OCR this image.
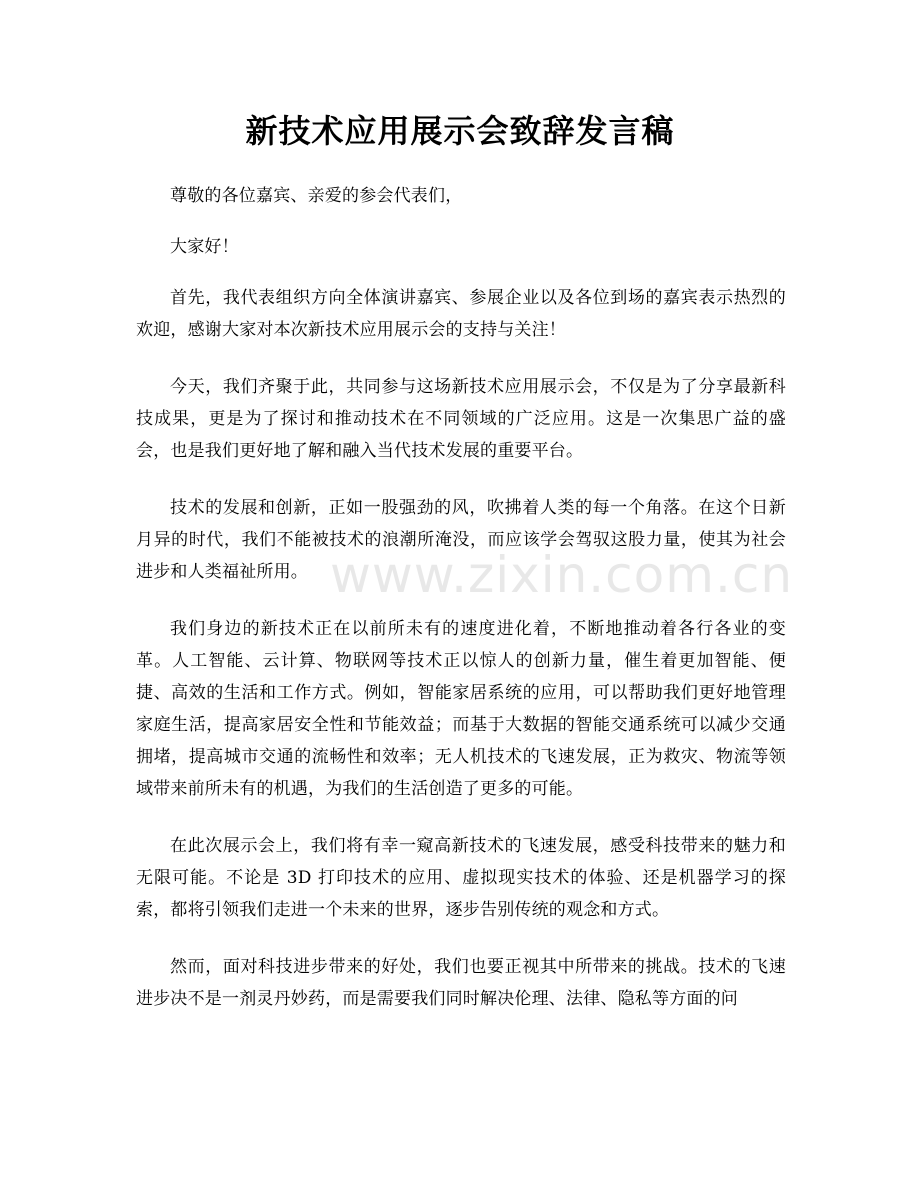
新技术应用展示会致辞发言稿

尊敬的各位嘉宾、亲爱的参会代表们，

大家好！

首先，我代表组织方向全体演讲嘉宾、参展企业以及各位到场的嘉宾表示热烈的欢迎，感谢大家对本次新技术应用展示会的支持与关注！

今天，我们齐聚于此，共同参与这场新技术应用展示会，不仅是为了分享最新科技成果，更是为了探讨和推动技术在不同领域的广泛应用。这是一次集思广益的盛会，也是我们更好地了解和融入当代技术发展的重要平台。

技术的发展和创新，正如一股强劲的风，吹拂着人类的每一个角落。在这个日新月异的时代，我们不能被技术的浪潮所淹没，而应该学会驾驭这股力量，使其为社会进步和人类福祉所用。

我们身边的新技术正在以前所未有的速度进化着，不断地推动着各行各业的变革。人工智能、云计算、物联网等技术正以惊人的创新力量，催生着更加智能、便捷、高效的生活和工作方式。例如，智能家居系统的应用，可以帮助我们更好地管理家庭生活，提高家居安全性和节能效益；而基于大数据的智能交通系统可以减少交通拥堵，提高城市交通的流畅性和效率；无人机技术的飞速发展，正为救灾、物流等领域带来前所未有的机遇，为我们的生活创造了更多的可能。

在此次展示会上，我们将有幸一窥高新技术的飞速发展，感受科技带来的魅力和无限可能。不论是 3D 打印技术的应用、虚拟现实技术的体验、还是机器学习的探索，都将引领我们走进一个未来的世界，逐步告别传统的观念和方式。

然而，面对科技进步带来的好处，我们也要正视其中所带来的挑战。技术的飞速进步决不是一剂灵丹妙药，而是需要我们同时解决伦理、法律、隐私等方面的问

www.zixin.com.cn
